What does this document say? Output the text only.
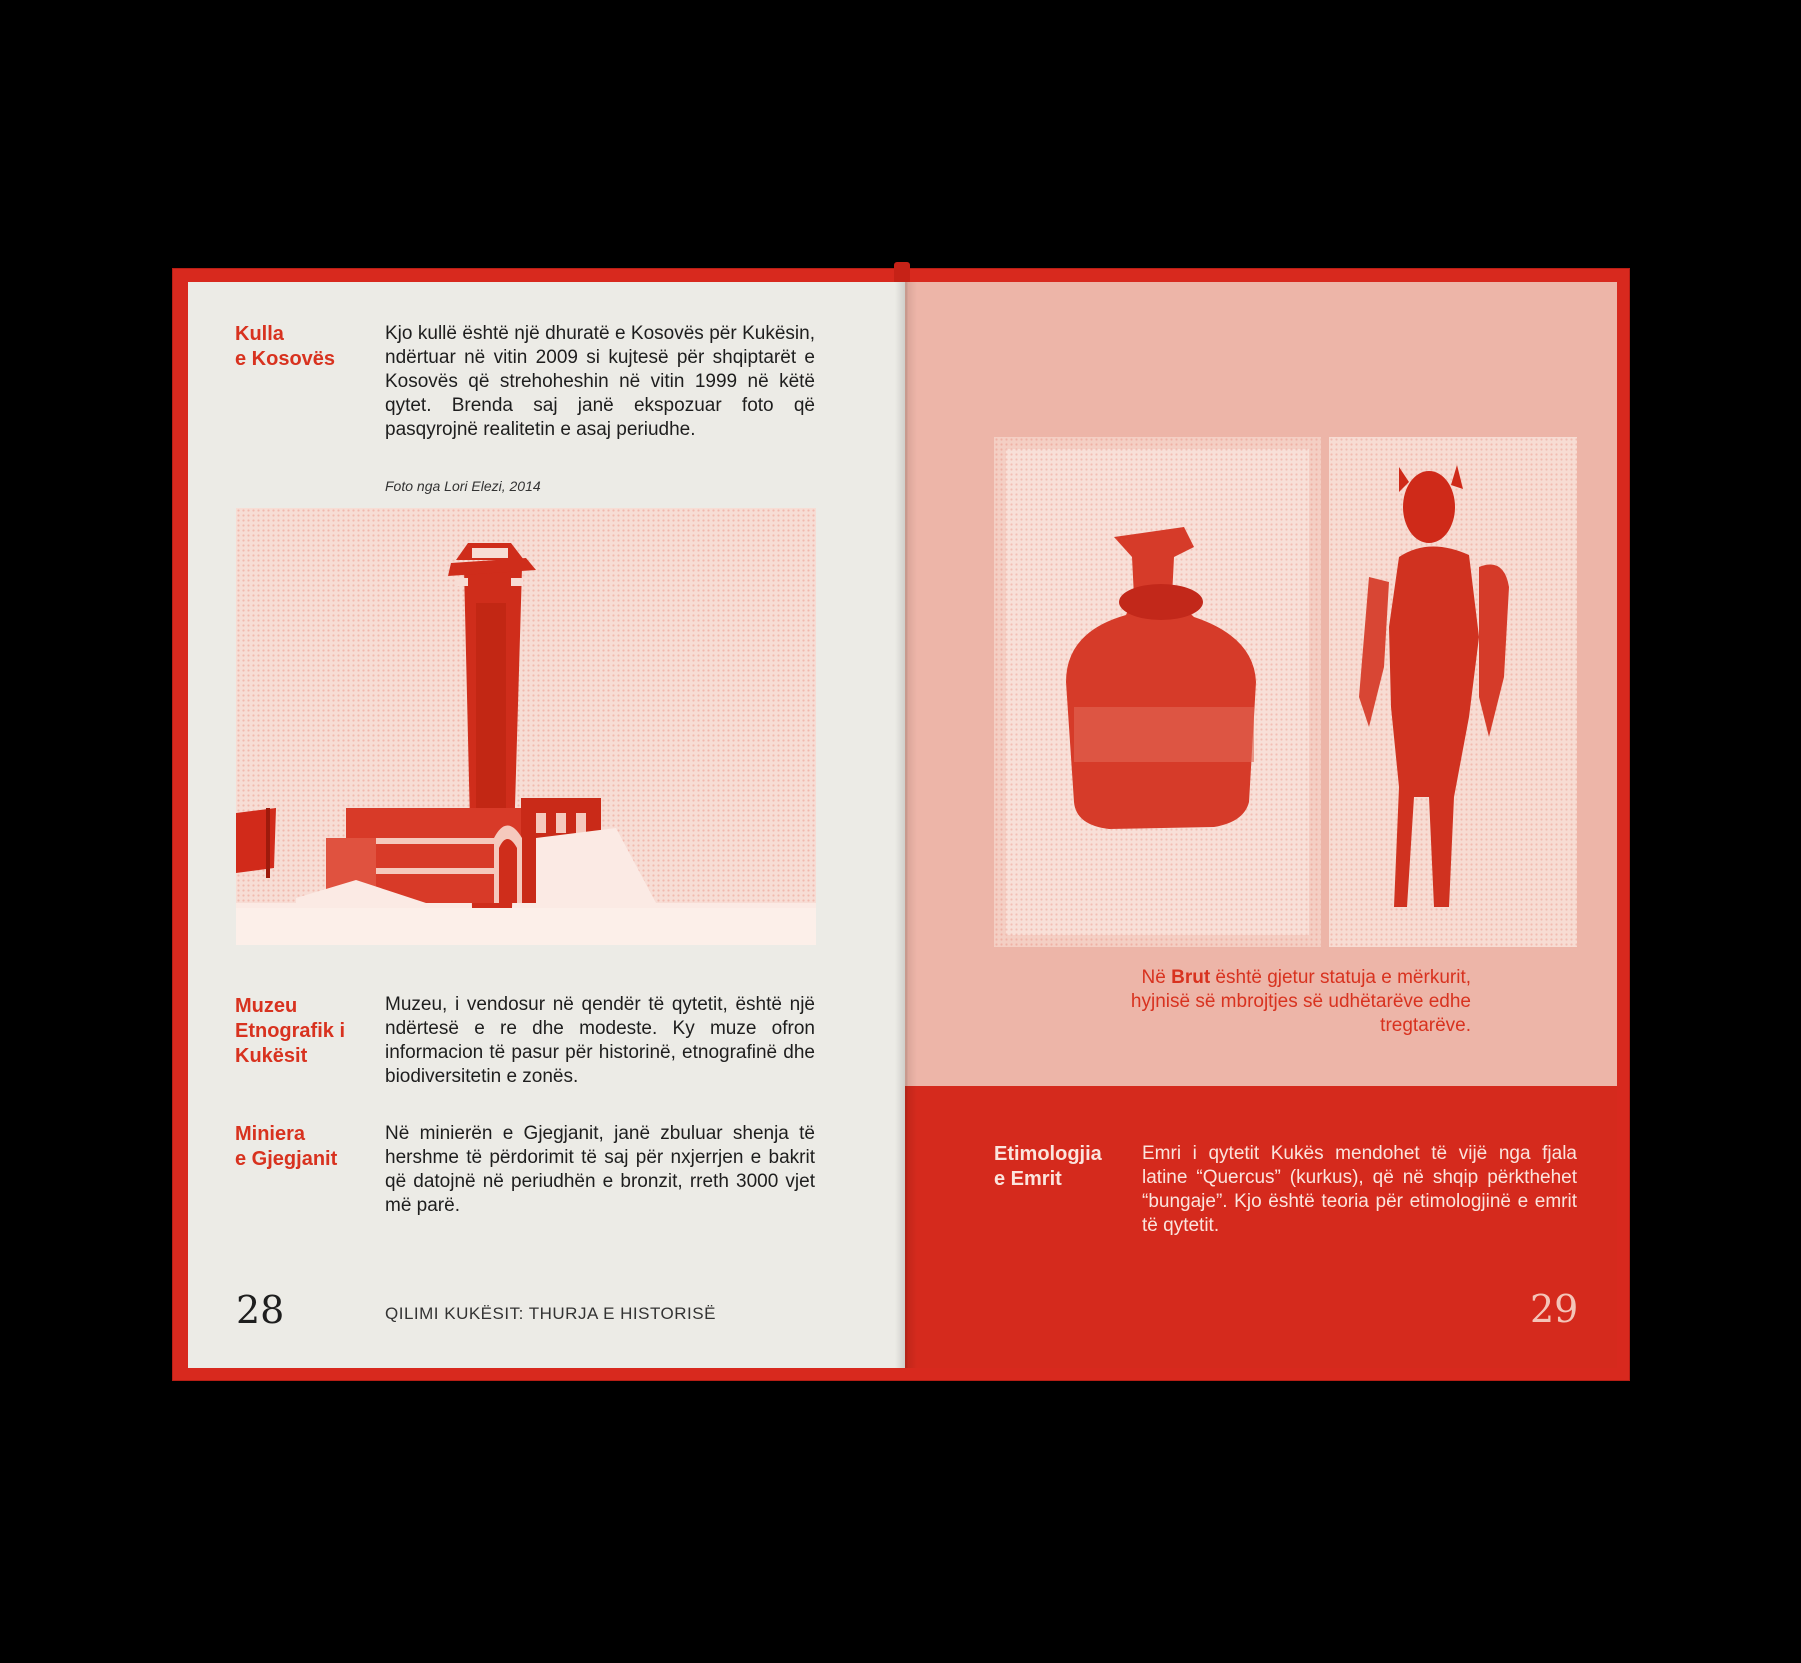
Kulla
e Kosovës
Kjo kullë është një dhuratë e Kosovës për Kukësin, ndërtuar në vitin 2009 si kujtesë për shqiptarët e Kosovës që strehoheshin në vitin 1999 në këtë qytet. Brenda saj janë ekspozuar foto që pasqyrojnë realitetin e asaj periudhe.
Foto nga Lori Elezi, 2014
Muzeu
Etnografik i
Kukësit
Muzeu, i vendosur në qendër të qytetit, është një ndërtesë e re dhe modeste. Ky muze ofron informacion të pasur për historinë, etnografinë dhe biodiversitetin e zonës.
Miniera
e Gjegjanit
Në minierën e Gjegjanit, janë zbuluar shenja të hershme të përdorimit të saj për nxjerrjen e bakrit që datojnë në periudhën e bronzit, rreth 3000 vjet më parë.
28	QILIMI KUKËSIT: THURJA E HISTORISË
Në Brut është gjetur statuja e mërkurit, hyjnisë së mbrojtjes së udhëtarëve edhe tregtarëve.
Etimologjia
e Emrit
Emri i qytetit Kukës mendohet të vijë nga fjala latine “Quercus” (kurkus), që në shqip përkthehet “bungaje”. Kjo është teoria për etimologjinë e emrit të qytetit.
29
